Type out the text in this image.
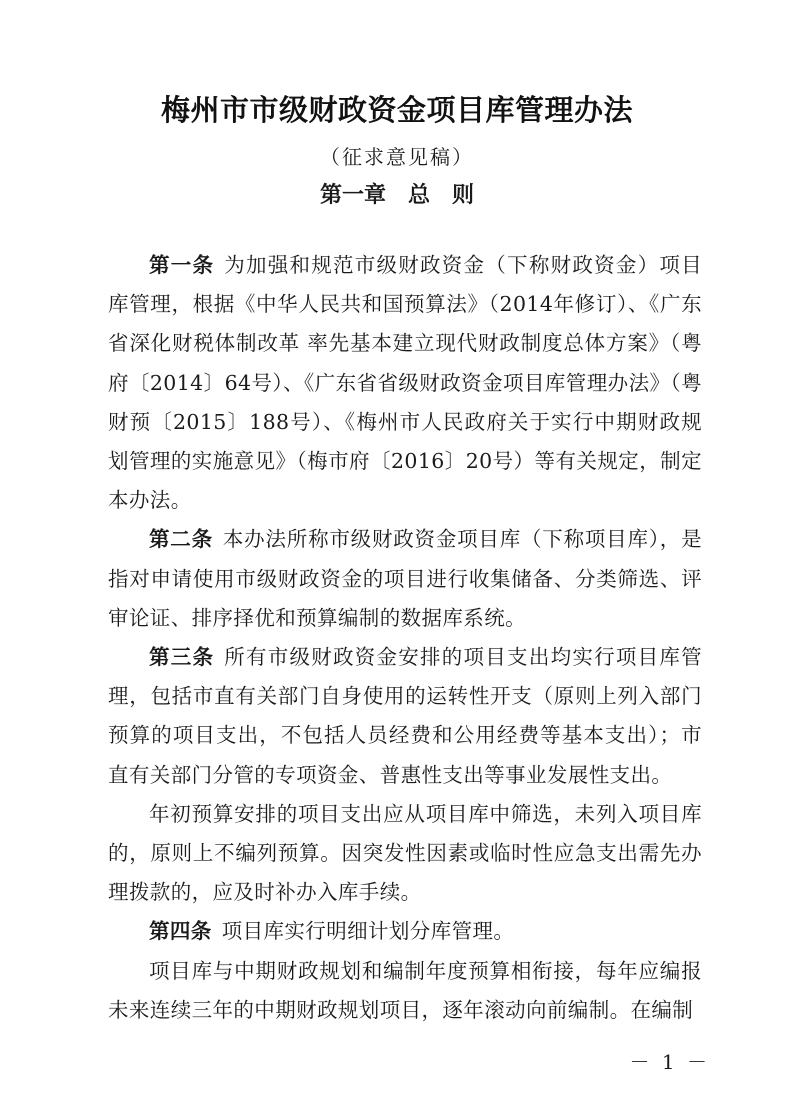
梅州市市级财政资金项目库管理办法
（征求意见稿）
第一章　总　则

第一条 为加强和规范市级财政资金（下称财政资金）项目库管理，根据《中华人民共和国预算法》（2014年修订）、《广东省深化财税体制改革 率先基本建立现代财政制度总体方案》（粤府〔2014〕64号）、《广东省省级财政资金项目库管理办法》（粤财预〔2015〕188号）、《梅州市人民政府关于实行中期财政规划管理的实施意见》（梅市府〔2016〕20号）等有关规定，制定本办法。

第二条 本办法所称市级财政资金项目库（下称项目库），是指对申请使用市级财政资金的项目进行收集储备、分类筛选、评审论证、排序择优和预算编制的数据库系统。

第三条 所有市级财政资金安排的项目支出均实行项目库管理，包括市直有关部门自身使用的运转性开支（原则上列入部门预算的项目支出，不包括人员经费和公用经费等基本支出）；市直有关部门分管的专项资金、普惠性支出等事业发展性支出。

年初预算安排的项目支出应从项目库中筛选，未列入项目库的，原则上不编列预算。因突发性因素或临时性应急支出需先办理拨款的，应及时补办入库手续。

第四条 项目库实行明细计划分库管理。

项目库与中期财政规划和编制年度预算相衔接，每年应编报未来连续三年的中期财政规划项目，逐年滚动向前编制。在编制

－ 1 －
